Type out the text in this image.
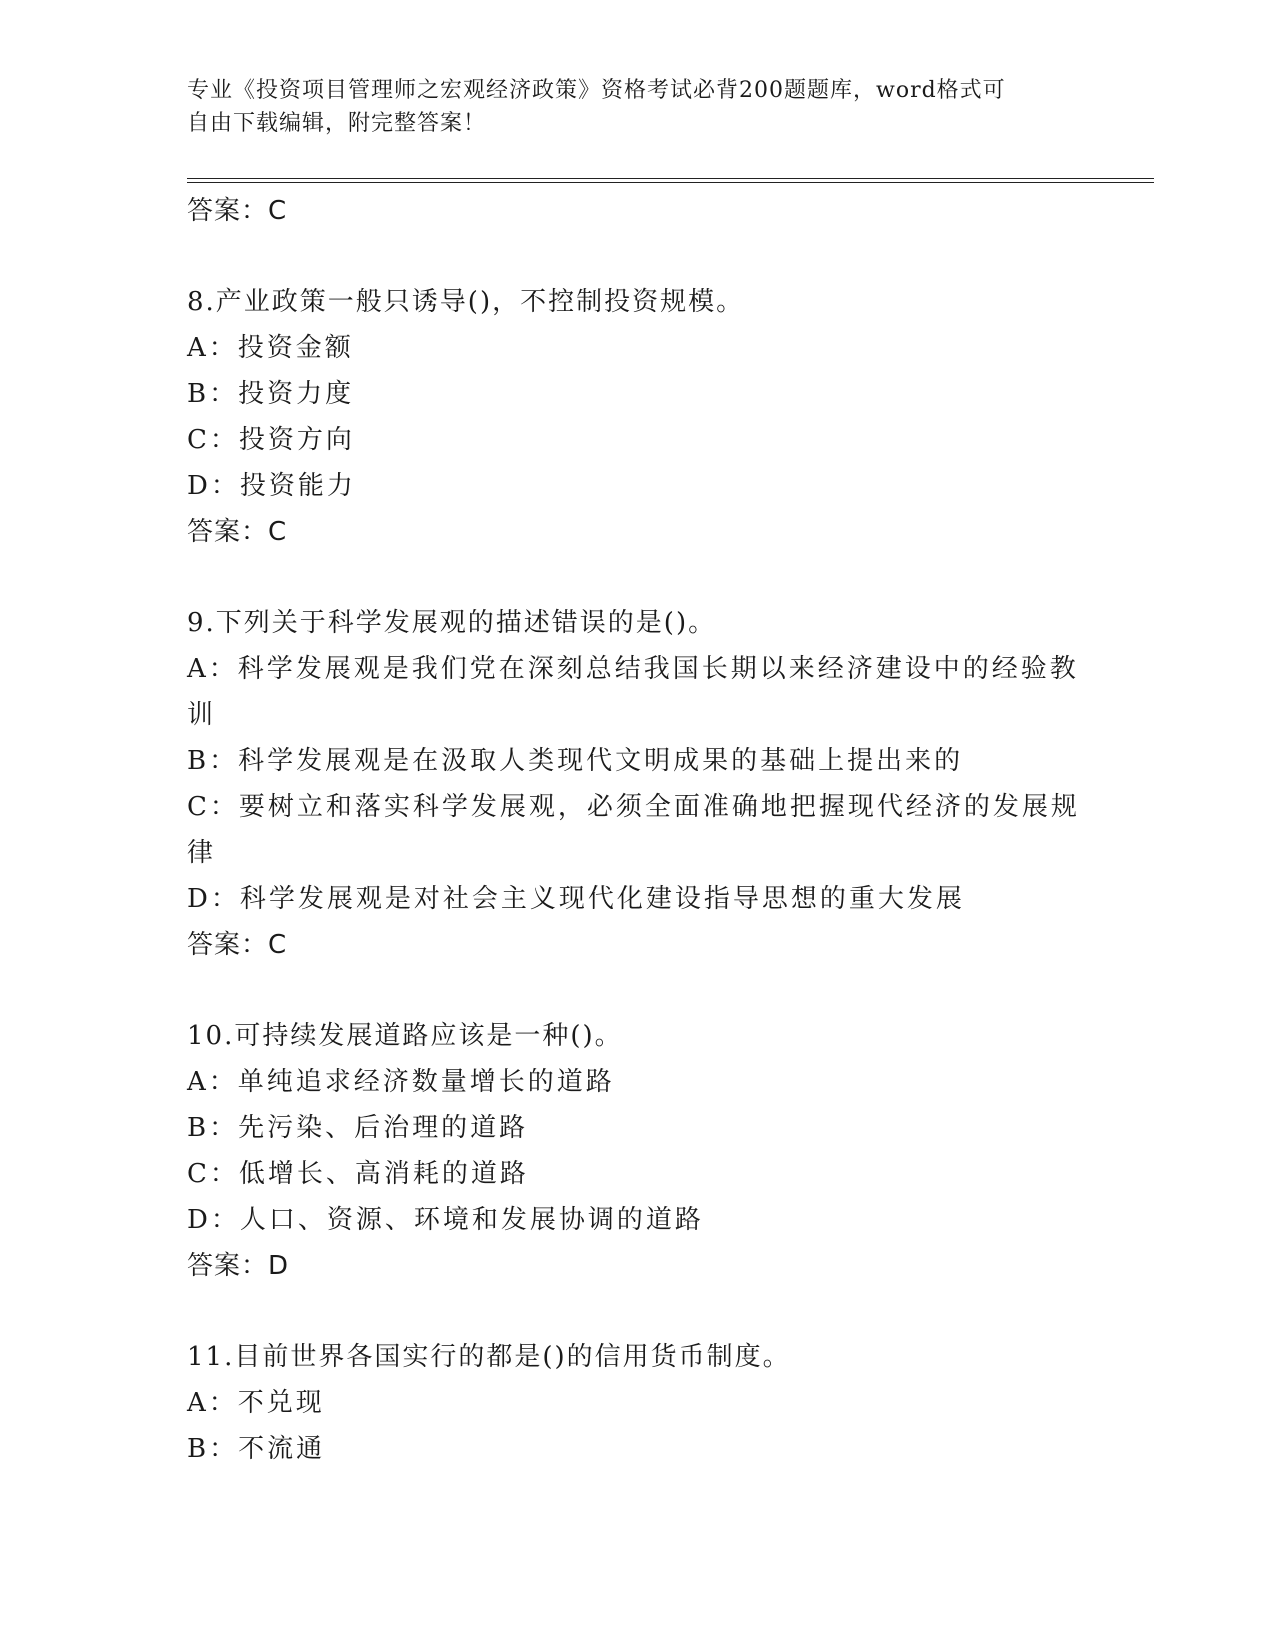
专业《投资项目管理师之宏观经济政策》资格考试必背200题题库，word格式可

自由下载编辑，附完整答案！

答案：C

8.产业政策一般只诱导()，不控制投资规模。

A：投资金额

B：投资力度

C：投资方向

D：投资能力

答案：C

9.下列关于科学发展观的描述错误的是()。

A：科学发展观是我们党在深刻总结我国长期以来经济建设中的经验教训

B：科学发展观是在汲取人类现代文明成果的基础上提出来的

C：要树立和落实科学发展观，必须全面准确地把握现代经济的发展规律

D：科学发展观是对社会主义现代化建设指导思想的重大发展

答案：C

10.可持续发展道路应该是一种()。

A：单纯追求经济数量增长的道路

B：先污染、后治理的道路

C：低增长、高消耗的道路

D：人口、资源、环境和发展协调的道路

答案：D

11.目前世界各国实行的都是()的信用货币制度。

A：不兑现

B：不流通
